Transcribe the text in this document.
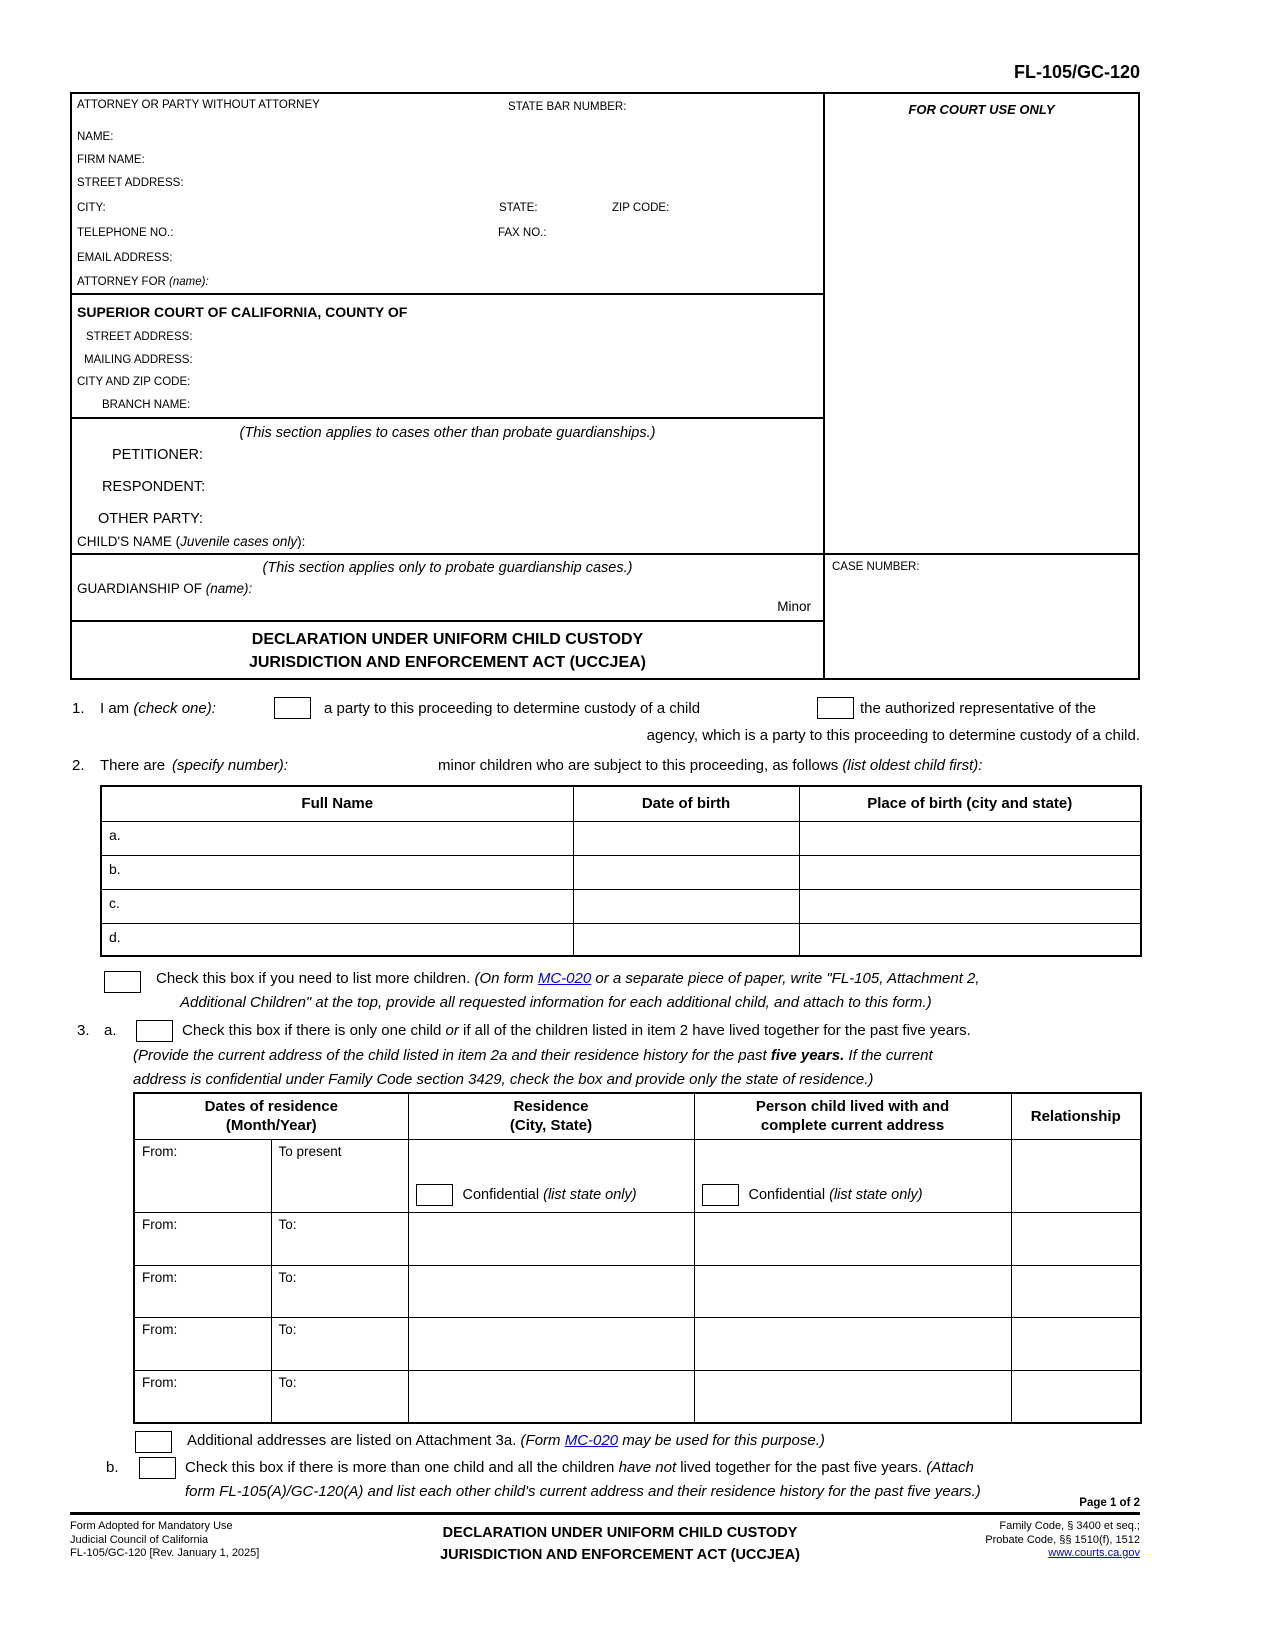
FL-105/GC-120
ATTORNEY OR PARTY WITHOUT ATTORNEY	STATE BAR NUMBER:
NAME:
FIRM NAME:
STREET ADDRESS:
CITY:	STATE:	ZIP CODE:
TELEPHONE NO.:	FAX NO.:
EMAIL ADDRESS:
ATTORNEY FOR (name):
SUPERIOR COURT OF CALIFORNIA, COUNTY OF
STREET ADDRESS:
MAILING ADDRESS:
CITY AND ZIP CODE:
BRANCH NAME:
(This section applies to cases other than probate guardianships.)
PETITIONER:
RESPONDENT:
OTHER PARTY:
CHILD'S NAME (Juvenile cases only):
(This section applies only to probate guardianship cases.)
GUARDIANSHIP OF (name):
Minor
DECLARATION UNDER UNIFORM CHILD CUSTODY
JURISDICTION AND ENFORCEMENT ACT (UCCJEA)
FOR COURT USE ONLY
CASE NUMBER:
1. I am (check one):	a party to this proceeding to determine custody of a child	the authorized representative of the
agency, which is a party to this proceeding to determine custody of a child.
2. There are (specify number):	minor children who are subject to this proceeding, as follows (list oldest child first):
Full Name	Date of birth	Place of birth (city and state)
a.		
b.		
c.		
d.		
Check this box if you need to list more children. (On form MC-020 or a separate piece of paper, write "FL-105, Attachment 2,
Additional Children" at the top, provide all requested information for each additional child, and attach to this form.)
3. a.	Check this box if there is only one child or if all of the children listed in item 2 have lived together for the past five years.
(Provide the current address of the child listed in item 2a and their residence history for the past five years. If the current
address is confidential under Family Code section 3429, check the box and provide only the state of residence.)
Dates of residence
(Month/Year)

Residence
(City, State)

Person child lived with and
complete current address
	Relationship
From:	To present	Confidential (list state only)	Confidential (list state only)	

From:	To:			
From:	To:			
From:	To:			
From:	To:			
Additional addresses are listed on Attachment 3a. (Form MC-020 may be used for this purpose.)
b.	Check this box if there is more than one child and all the children have not lived together for the past five years. (Attach
form FL-105(A)/GC-120(A) and list each other child's current address and their residence history for the past five years.)
Page 1 of 2
Form Adopted for Mandatory Use
Judicial Council of California
FL-105/GC-120 [Rev. January 1, 2025]
DECLARATION UNDER UNIFORM CHILD CUSTODY
JURISDICTION AND ENFORCEMENT ACT (UCCJEA)
Family Code, § 3400 et seq.;
Probate Code, §§ 1510(f), 1512
www.courts.ca.gov
